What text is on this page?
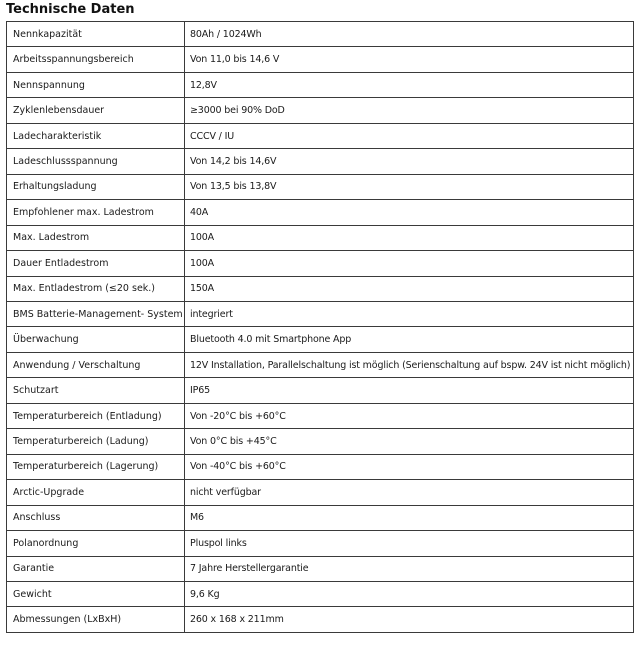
Technische Daten
Nennkapazität	80Ah / 1024Wh
Arbeitsspannungsbereich	Von 11,0 bis 14,6 V
Nennspannung	12,8V
Zyklenlebensdauer	≥3000 bei 90% DoD
Ladecharakteristik	CCCV / IU
Ladeschlussspannung	Von 14,2 bis 14,6V
Erhaltungsladung	Von 13,5 bis 13,8V
Empfohlener max. Ladestrom	40A
Max. Ladestrom	100A
Dauer Entladestrom	100A
Max. Entladestrom (≤20 sek.)	150A
BMS Batterie-Management- System	integriert
Überwachung	Bluetooth 4.0 mit Smartphone App
Anwendung / Verschaltung	12V Installation, Parallelschaltung ist möglich (Serienschaltung auf bspw. 24V ist nicht möglich)
Schutzart	IP65
Temperaturbereich (Entladung)	Von -20°C bis +60°C
Temperaturbereich (Ladung)	Von 0°C bis +45°C
Temperaturbereich (Lagerung)	Von -40°C bis +60°C
Arctic-Upgrade	nicht verfügbar
Anschluss	M6
Polanordnung	Pluspol links
Garantie	7 Jahre Herstellergarantie
Gewicht	9,6 Kg
Abmessungen (LxBxH)	260 x 168 x 211mm
